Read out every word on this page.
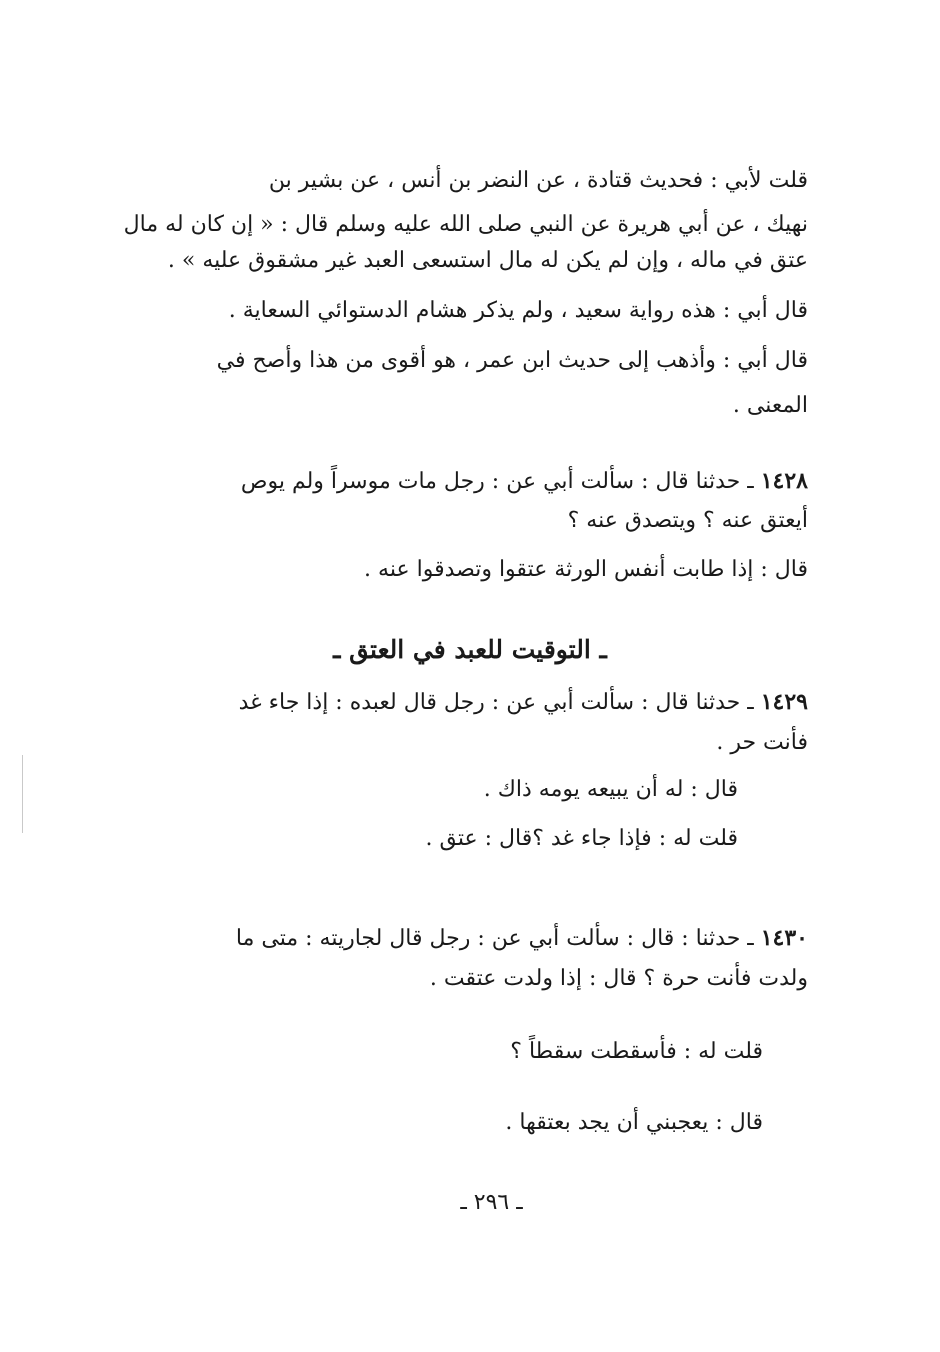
قلت لأبي : فحديث قتادة ، عن النضر بن أنس ، عن بشير بن
نهيك ، عن أبي هريرة عن النبي صلى الله عليه وسلم قال : « إن كان له مال
عتق في ماله ، وإن لم يكن له مال استسعى العبد غير مشقوق عليه » .
قال أبي : هذه رواية سعيد ، ولم يذكر هشام الدستوائي السعاية .
قال أبي : وأذهب إلى حديث ابن عمر ، هو أقوى من هذا وأصح في
المعنى .
١٤٢٨ ـ حدثنا قال : سألت أبي عن : رجل مات موسراً ولم يوص
أيعتق عنه ؟ ويتصدق عنه ؟
قال : إذا طابت أنفس الورثة عتقوا وتصدقوا عنه .
ـ التوقيت للعبد في العتق ـ
١٤٢٩ ـ حدثنا قال : سألت أبي عن : رجل قال لعبده : إذا جاء غد
فأنت حر .
قال : له أن يبيعه يومه ذاك .
قلت له : فإذا جاء غد ؟قال : عتق .
١٤٣٠ ـ حدثنا : قال : سألت أبي عن : رجل قال لجاريته : متى ما
ولدت فأنت حرة ؟ قال : إذا ولدت عتقت .
قلت له : فأسقطت سقطاً ؟
قال : يعجبني أن يجد بعتقها .
ـ ٢٩٦ ـ
